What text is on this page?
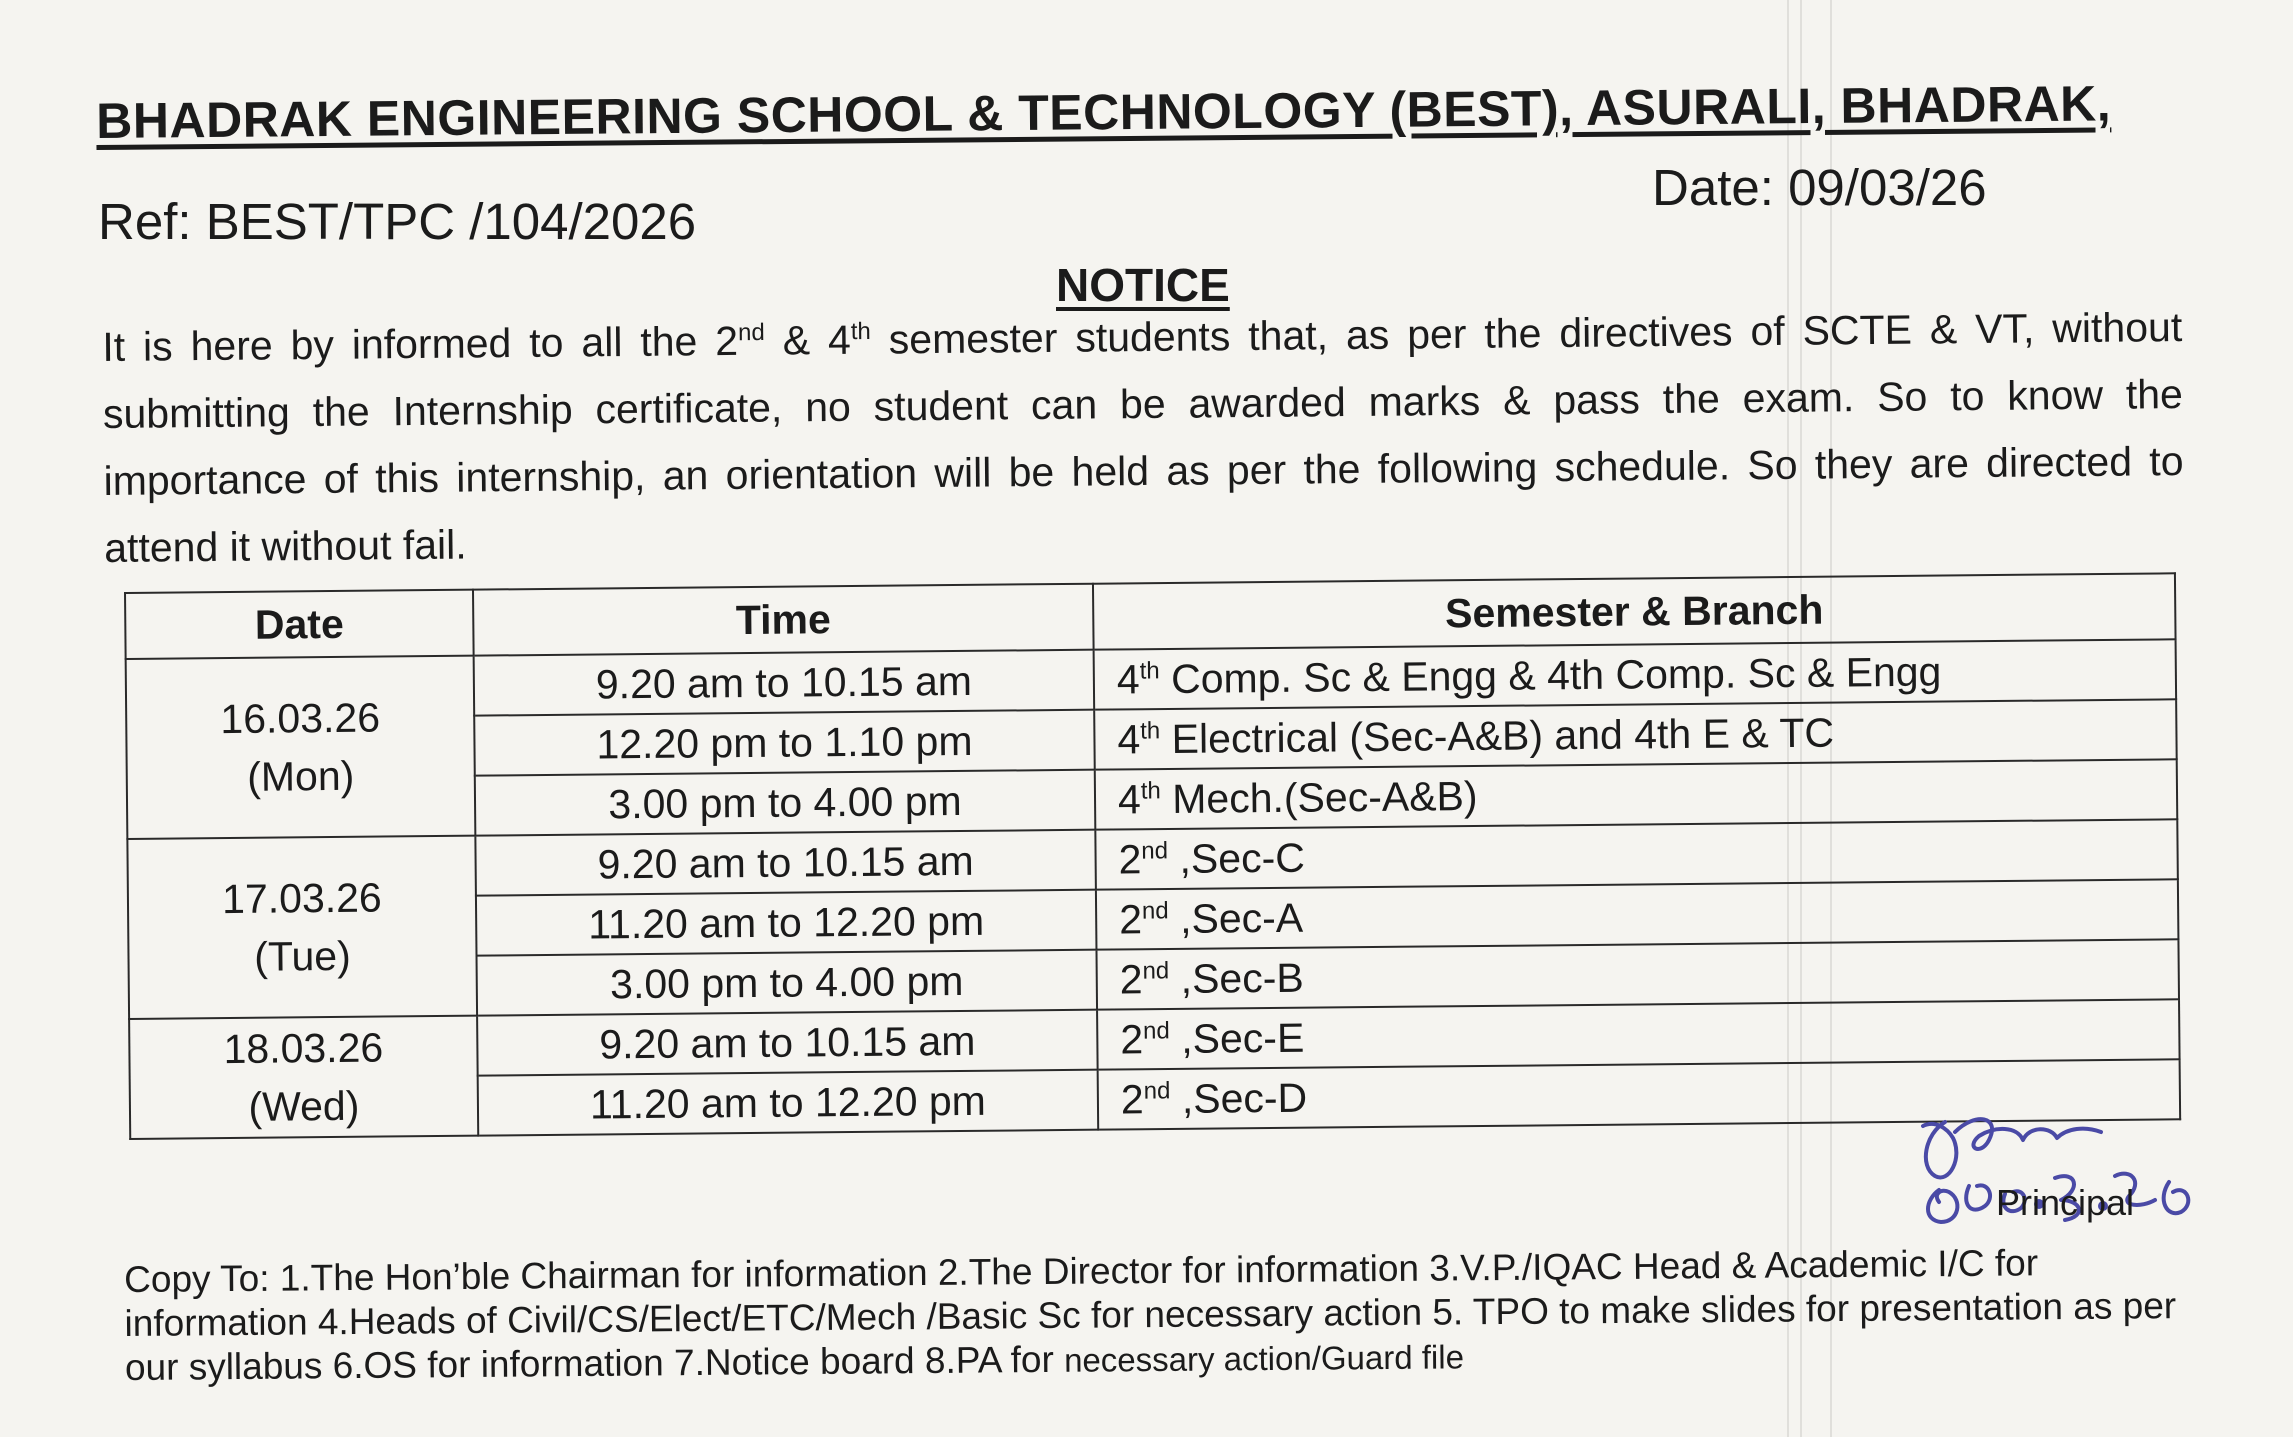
BHADRAK ENGINEERING SCHOOL & TECHNOLOGY (BEST), ASURALI, BHADRAK,
Date: 09/03/26
Ref: BEST/TPC /104/2026
NOTICE
It is here by informed to all the 2nd & 4th semester students that, as per the directives of SCTE & VT, without submitting the Internship certificate, no student can be awarded marks & pass the exam. So to know the importance of this internship, an orientation will be held as per the following schedule. So they are directed to attend it without fail.
Date	Time	Semester & Branch

16.03.26
(Mon)	9.20 am to 10.15 am	4th Comp. Sc & Engg & 4th Comp. Sc & Engg
	12.20 pm to 1.10 pm	4th Electrical (Sec-A&B) and 4th E & TC
	3.00 pm to 4.00 pm	4th Mech.(Sec-A&B)

17.03.26
(Tue)	9.20 am to 10.15 am	2nd ,Sec-C
	11.20 am to 12.20 pm	2nd ,Sec-A
	3.00 pm to 4.00 pm	2nd ,Sec-B

18.03.26
(Wed)	9.20 am to 10.15 am	2nd ,Sec-E
	11.20 am to 12.20 pm	2nd ,Sec-D
Principal
Copy To: 1.The Hon’ble Chairman for information 2.The Director for information 3.V.P./IQAC Head & Academic I/C for information 4.Heads of Civil/CS/Elect/ETC/Mech /Basic Sc for necessary action 5. TPO to make slides for presentation as per our syllabus 6.OS for information 7.Notice board 8.PA for necessary action/Guard file
